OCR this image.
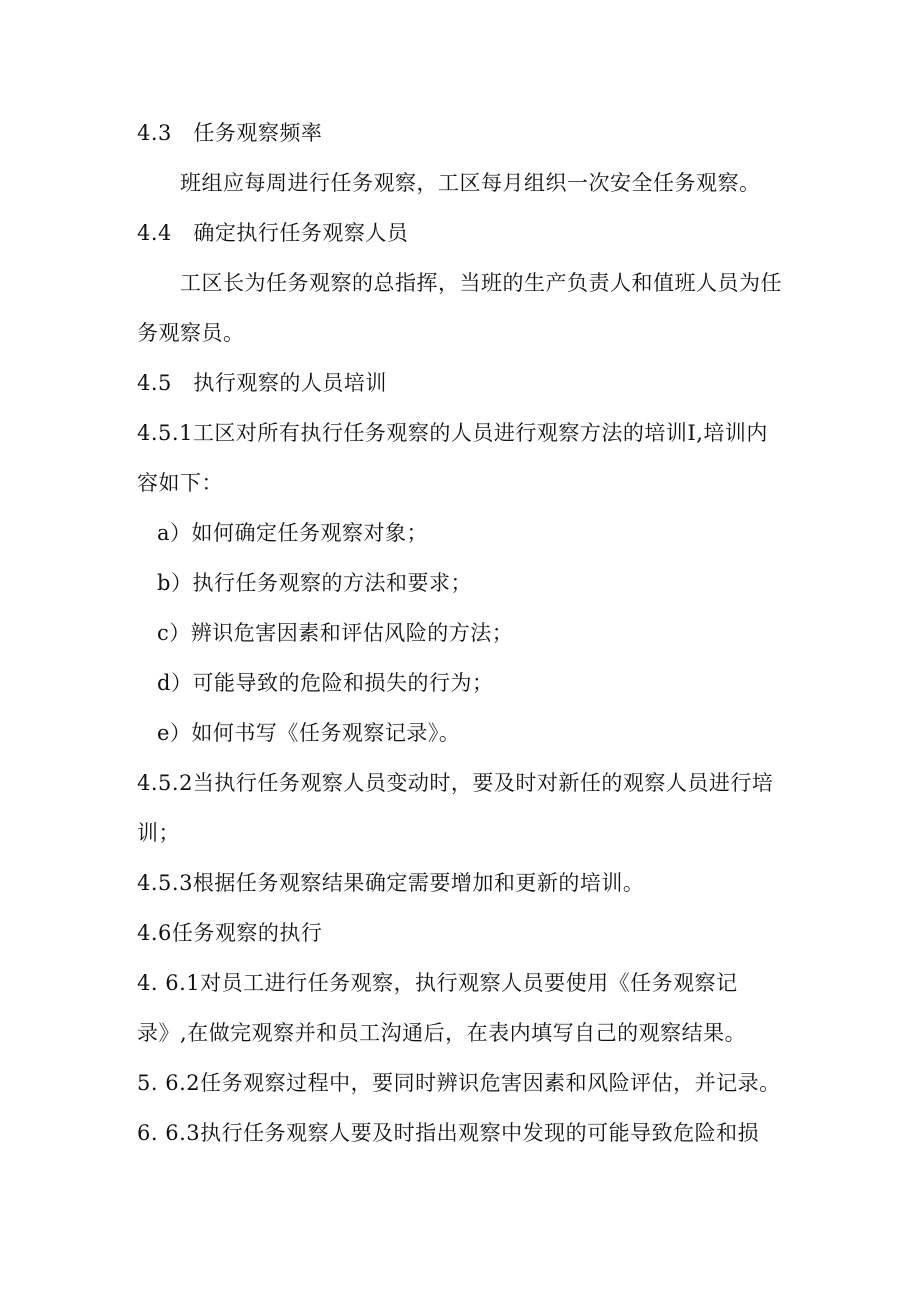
4.3　任务观察频率
班组应每周进行任务观察，工区每月组织一次安全任务观察。
4.4　确定执行任务观察人员
工区长为任务观察的总指挥，当班的生产负责人和值班人员为任
务观察员。
4.5　执行观察的人员培训
4.5.1工区对所有执行任务观察的人员进行观察方法的培训I,培训内
容如下：
a）如何确定任务观察对象；
b）执行任务观察的方法和要求；
c）辨识危害因素和评估风险的方法；
d）可能导致的危险和损失的行为；
e）如何书写《任务观察记录》。
4.5.2当执行任务观察人员变动时，要及时对新任的观察人员进行培
训；
4.5.3根据任务观察结果确定需要增加和更新的培训。
4.6任务观察的执行
4. 6.1对员工进行任务观察，执行观察人员要使用《任务观察记
录》,在做完观察并和员工沟通后，在表内填写自己的观察结果。
5. 6.2任务观察过程中，要同时辨识危害因素和风险评估，并记录。
6. 6.3执行任务观察人要及时指出观察中发现的可能导致危险和损
